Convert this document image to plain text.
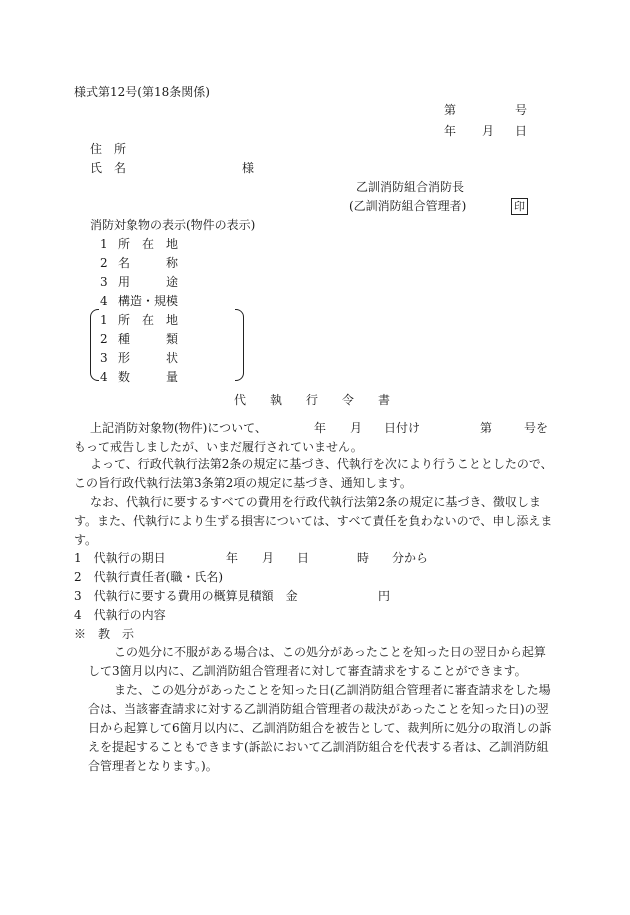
様式第12号(第18条関係)
第	号
年 月 日
住　所
氏　名	様
乙訓消防組合消防長
(乙訓消防組合管理者)	印
消防対象物の表示(物件の表示)
1 所　在　地
2 名　　　称
3 用　　　途
4 構造・規模
1 所　在　地
2 種　　　類
3 形　　　状
4 数　　　量
代　　執　　行　　令　　書
上記消防対象物(物件)について、	年 月 日付け	第	号を
もって戒告しましたが、いまだ履行されていません。
よって、行政代執行法第2条の規定に基づき、代執行を次により行うこととしたので、この旨行政代執行法第3条第2項の規定に基づき、通知します。
なお、代執行に要するすべての費用を行政代執行法第2条の規定に基づき、徴収します。また、代執行により生ずる損害については、すべて責任を負わないので、申し添えます。
1　代執行の期日	年 月 日	時 分から
2　代執行責任者(職・氏名)
3　代執行に要する費用の概算見積額　金	円
4　代執行の内容
※　教　示
この処分に不服がある場合は、この処分があったことを知った日の翌日から起算して3箇月以内に、乙訓消防組合管理者に対して審査請求をすることができます。
また、この処分があったことを知った日(乙訓消防組合管理者に審査請求をした場合は、当該審査請求に対する乙訓消防組合管理者の裁決があったことを知った日)の翌日から起算して6箇月以内に、乙訓消防組合を被告として、裁判所に処分の取消しの訴えを提起することもできます(訴訟において乙訓消防組合を代表する者は、乙訓消防組合管理者となります。)。
